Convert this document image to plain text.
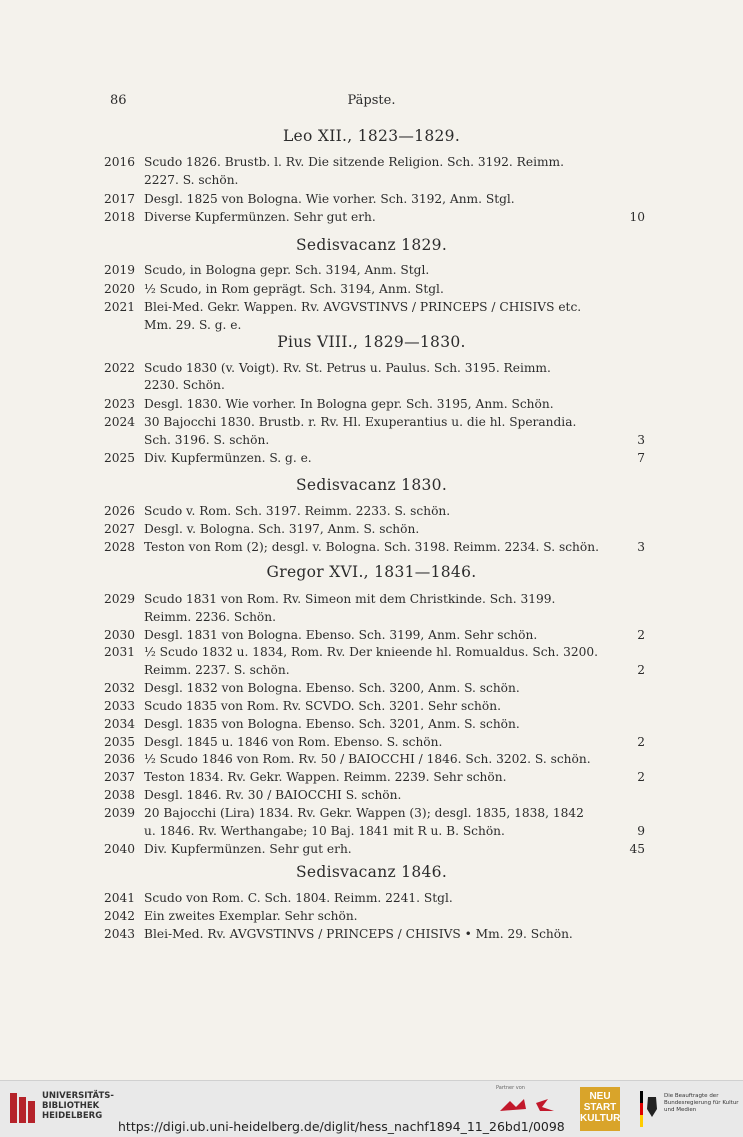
86	Päpste.
Leo XII., 1823—1829.
2016 Scudo 1826. Brustb. l. Rv. Die sitzende Religion. Sch. 3192. Reimm.
2227. S. schön.
2017 Desgl. 1825 von Bologna. Wie vorher. Sch. 3192, Anm. Stgl.
2018 Diverse Kupfermünzen. Sehr gut erh.	10
Sedisvacanz 1829.
2019 Scudo, in Bologna gepr. Sch. 3194, Anm. Stgl.
2020 ½ Scudo, in Rom geprägt. Sch. 3194, Anm. Stgl.
2021 Blei-Med. Gekr. Wappen. Rv. AVGVSTINVS / PRINCEPS / CHISIVS etc.
Mm. 29. S. g. e.
Pius VIII., 1829—1830.
2022 Scudo 1830 (v. Voigt). Rv. St. Petrus u. Paulus. Sch. 3195. Reimm.
2230. Schön.
2023 Desgl. 1830. Wie vorher. In Bologna gepr. Sch. 3195, Anm. Schön.
2024 30 Bajocchi 1830. Brustb. r. Rv. Hl. Exuperantius u. die hl. Sperandia.
Sch. 3196. S. schön.	3
2025 Div. Kupfermünzen. S. g. e.	7
Sedisvacanz 1830.
2026 Scudo v. Rom. Sch. 3197. Reimm. 2233. S. schön.
2027 Desgl. v. Bologna. Sch. 3197, Anm. S. schön.
2028 Teston von Rom (2); desgl. v. Bologna. Sch. 3198. Reimm. 2234. S. schön.	3
Gregor XVI., 1831—1846.
2029 Scudo 1831 von Rom. Rv. Simeon mit dem Christkinde. Sch. 3199.
Reimm. 2236. Schön.
2030 Desgl. 1831 von Bologna. Ebenso. Sch. 3199, Anm. Sehr schön.	2
2031 ½ Scudo 1832 u. 1834, Rom. Rv. Der knieende hl. Romualdus. Sch. 3200.
Reimm. 2237. S. schön.	2
2032 Desgl. 1832 von Bologna. Ebenso. Sch. 3200, Anm. S. schön.
2033 Scudo 1835 von Rom. Rv. SCVDO. Sch. 3201. Sehr schön.
2034 Desgl. 1835 von Bologna. Ebenso. Sch. 3201, Anm. S. schön.
2035 Desgl. 1845 u. 1846 von Rom. Ebenso. S. schön.	2
2036 ½ Scudo 1846 von Rom. Rv. 50 / BAIOCCHI / 1846. Sch. 3202. S. schön.
2037 Teston 1834. Rv. Gekr. Wappen. Reimm. 2239. Sehr schön.	2
2038 Desgl. 1846. Rv. 30 / BAIOCCHI S. schön.
2039 20 Bajocchi (Lira) 1834. Rv. Gekr. Wappen (3); desgl. 1835, 1838, 1842
u. 1846. Rv. Werthangabe; 10 Baj. 1841 mit R u. B. Schön.	9
2040 Div. Kupfermünzen. Sehr gut erh.	45
Sedisvacanz 1846.
2041 Scudo von Rom. C. Sch. 1804. Reimm. 2241. Stgl.
2042 Ein zweites Exemplar. Sehr schön.
2043 Blei-Med. Rv. AVGVSTINVS / PRINCEPS / CHISIVS • Mm. 29. Schön.
UNIVERSITÄTS-
BIBLIOTHEK
HEIDELBERG
Partner von
NEU START KULTUR
Die Beauftragte der Bundesregierung für Kultur und Medien
https://digi.ub.uni-heidelberg.de/diglit/hess_nachf1894_11_26bd1/0098
